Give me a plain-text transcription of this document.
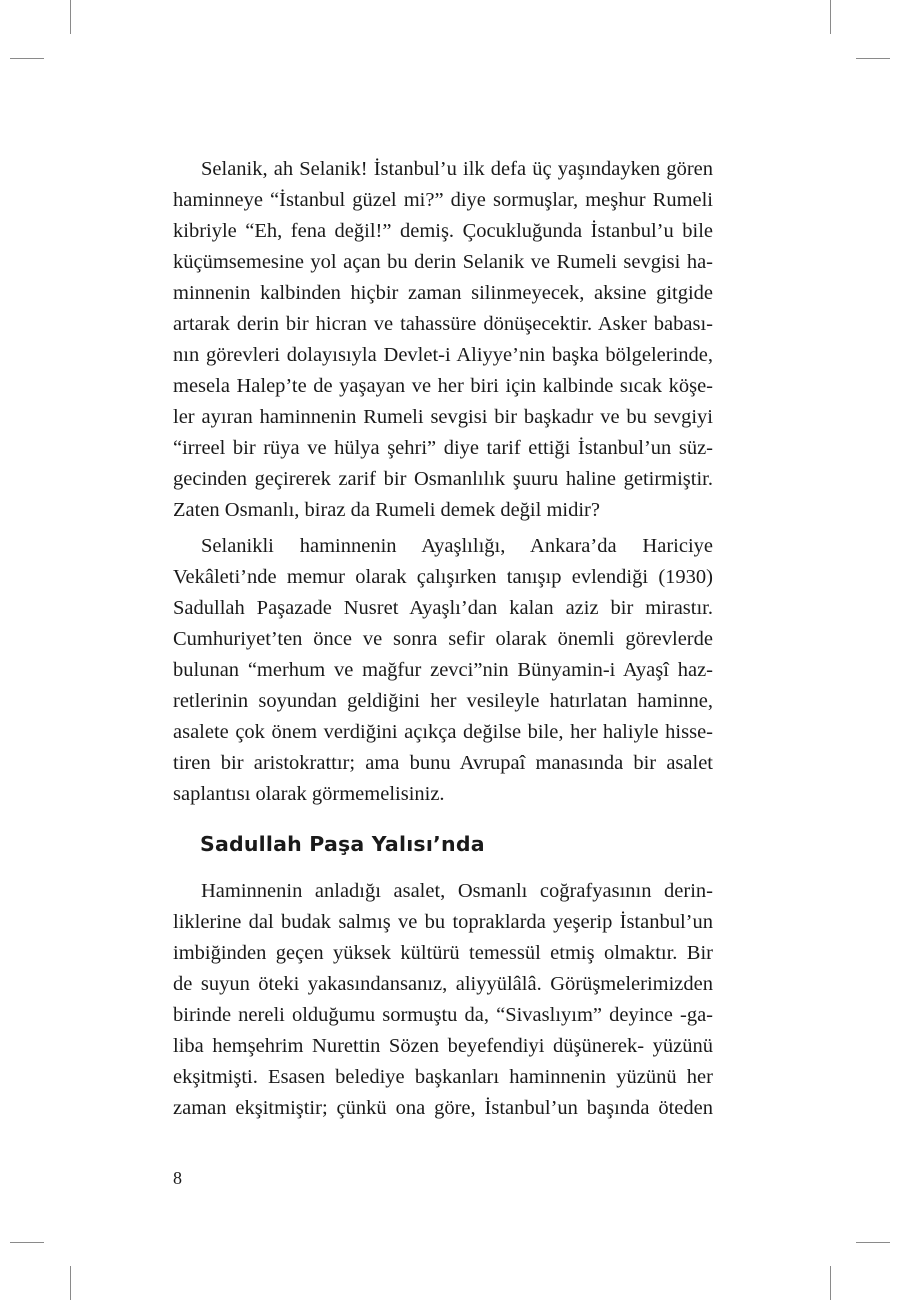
Selanik, ah Selanik! İstanbul’u ilk defa üç yaşındayken gören

haminneye “İstanbul güzel mi?” diye sormuşlar, meşhur Rumeli

kibriyle “Eh, fena değil!” demiş. Çocukluğunda İstanbul’u bile

küçümsemesine yol açan bu derin Selanik ve Rumeli sevgisi ha-

minnenin kalbinden hiçbir zaman silinmeyecek, aksine gitgide

artarak derin bir hicran ve tahassüre dönüşecektir. Asker babası-

nın görevleri dolayısıyla Devlet-i Aliyye’nin başka bölgelerinde,

mesela Halep’te de yaşayan ve her biri için kalbinde sıcak köşe-

ler ayıran haminnenin Rumeli sevgisi bir başkadır ve bu sevgiyi

“irreel bir rüya ve hülya şehri” diye tarif ettiği İstanbul’un süz-

gecinden geçirerek zarif bir Osmanlılık şuuru haline getirmiştir.

Zaten Osmanlı, biraz da Rumeli demek değil midir?

Selanikli haminnenin Ayaşlılığı, Ankara’da Hariciye

Vekâleti’nde memur olarak çalışırken tanışıp evlendiği (1930)

Sadullah Paşazade Nusret Ayaşlı’dan kalan aziz bir mirastır.

Cumhuriyet’ten önce ve sonra sefir olarak önemli görevlerde

bulunan “merhum ve mağfur zevci”nin Bünyamin-i Ayaşî haz-

retlerinin soyundan geldiğini her vesileyle hatırlatan haminne,

asalete çok önem verdiğini açıkça değilse bile, her haliyle hisse-

tiren bir aristokrattır; ama bunu Avrupaî manasında bir asalet

saplantısı olarak görmemelisiniz.

Sadullah Paşa Yalısı’nda

Haminnenin anladığı asalet, Osmanlı coğrafyasının derin-

liklerine dal budak salmış ve bu topraklarda yeşerip İstanbul’un

imbiğinden geçen yüksek kültürü temessül etmiş olmaktır. Bir

de suyun öteki yakasındansanız, aliyyülâlâ. Görüşmelerimizden

birinde nereli olduğumu sormuştu da, “Sivaslıyım” deyince -ga-

liba hemşehrim Nurettin Sözen beyefendiyi düşünerek- yüzünü

ekşitmişti. Esasen belediye başkanları haminnenin yüzünü her

zaman ekşitmiştir; çünkü ona göre, İstanbul’un başında öteden

8
